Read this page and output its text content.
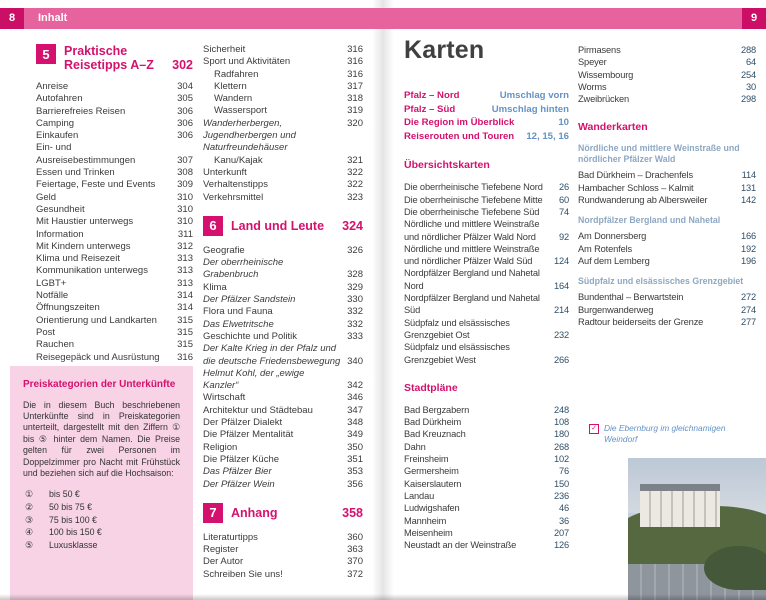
8	Inhalt	9
5	Praktische Reisetipps A–Z	302
Anreise	304
Autofahren	305
Barrierefreies Reisen	306
Camping	306
Einkaufen	306
Ein- und Ausreisebestimmungen	307
Essen und Trinken	308
Feiertage, Feste und Events	309
Geld	310
Gesundheit	310
Mit Haustier unterwegs	310
Information	311
Mit Kindern unterwegs	312
Klima und Reisezeit	313
Kommunikation unterwegs	313
LGBT+	313
Notfälle	314
Öffnungszeiten	314
Orientierung und Landkarten	315
Post	315
Rauchen	315
Reisegepäck und Ausrüstung	316
Preiskategorien der Unterkünfte
Die in diesem Buch beschriebenen Unterkünfte sind in Preiskategorien unterteilt, dargestellt mit den Ziffern ① bis ⑤ hinter dem Namen. Die Preise gelten für zwei Personen im Doppelzimmer pro Nacht mit Frühstück und beziehen sich auf die Hochsaison:
① bis 50 €
② 50 bis 75 €
③ 75 bis 100 €
④ 100 bis 150 €
⑤ Luxusklasse
Sicherheit	316
Sport und Aktivitäten	316
Radfahren	316
Klettern	317
Wandern	318
Wassersport	319
Wanderherbergen, Jugendherbergen und Naturfreundehäuser
320
Kanu/Kajak	321
Unterkunft	322
Verhaltenstipps	322
Verkehrsmittel	323
6	Land und Leute	324
Geografie	326
Der oberrheinische Grabenbruch	328
Klima	329
Der Pfälzer Sandstein	330
Flora und Fauna	332
Das Elwetritsche	332
Geschichte und Politik	333
Der Kalte Krieg in der Pfalz und die deutsche Friedensbewegung 340
Helmut Kohl, der „ewige Kanzler“	342
Wirtschaft	346
Architektur und Städtebau	347
Der Pfälzer Dialekt	348
Die Pfälzer Mentalität	349
Religion	350
Die Pfälzer Küche	351
Das Pfälzer Bier	353
Der Pfälzer Wein	356
7	Anhang	358
Literaturtipps	360
Register	363
Der Autor	370
Schreiben Sie uns!	372
Karten
Pfalz – Nord	Umschlag vorn
Pfalz – Süd	Umschlag hinten
Die Region im Überblick	10
Reiserouten und Touren 12, 15, 16
Übersichtskarten
Die oberrheinische Tiefebene Nord	26
Die oberrheinische Tiefebene Mitte	60
Die oberrheinische Tiefebene Süd	74
Nördliche und mittlere Weinstraße und nördlicher Pfälzer Wald Nord	92
Nördliche und mittlere Weinstraße und nördlicher Pfälzer Wald Süd	124
Nordpfälzer Bergland und Nahetal Nord	164
Nordpfälzer Bergland und Nahetal Süd	214
Südpfalz und elsässisches Grenzgebiet Ost	232
Südpfalz und elsässisches Grenzgebiet West	266
Stadtpläne
Bad Bergzabern	248
Bad Dürkheim	108
Bad Kreuznach	180
Dahn	268
Freinsheim	102
Germersheim	76
Kaiserslautern	150
Landau	236
Ludwigshafen	46
Mannheim	36
Meisenheim	207
Neustadt an der Weinstraße	126
Pirmasens	288
Speyer	64
Wissembourg	254
Worms	30
Zweibrücken	298
Wanderkarten
Nördliche und mittlere Weinstraße und nördlicher Pfälzer Wald
Bad Dürkheim – Drachenfels	114
Hambacher Schloss – Kalmit	131
Rundwanderung ab Albersweiler	142
Nordpfälzer Bergland und Nahetal
Am Donnersberg	166
Am Rotenfels	192
Auf dem Lemberg	196
Südpfalz und elsässisches Grenzgebiet
Bundenthal – Berwartstein	272
Burgenwanderweg	274
Radtour beiderseits der Grenze	277
✓ Die Ebernburg im gleichnamigen Weindorf
